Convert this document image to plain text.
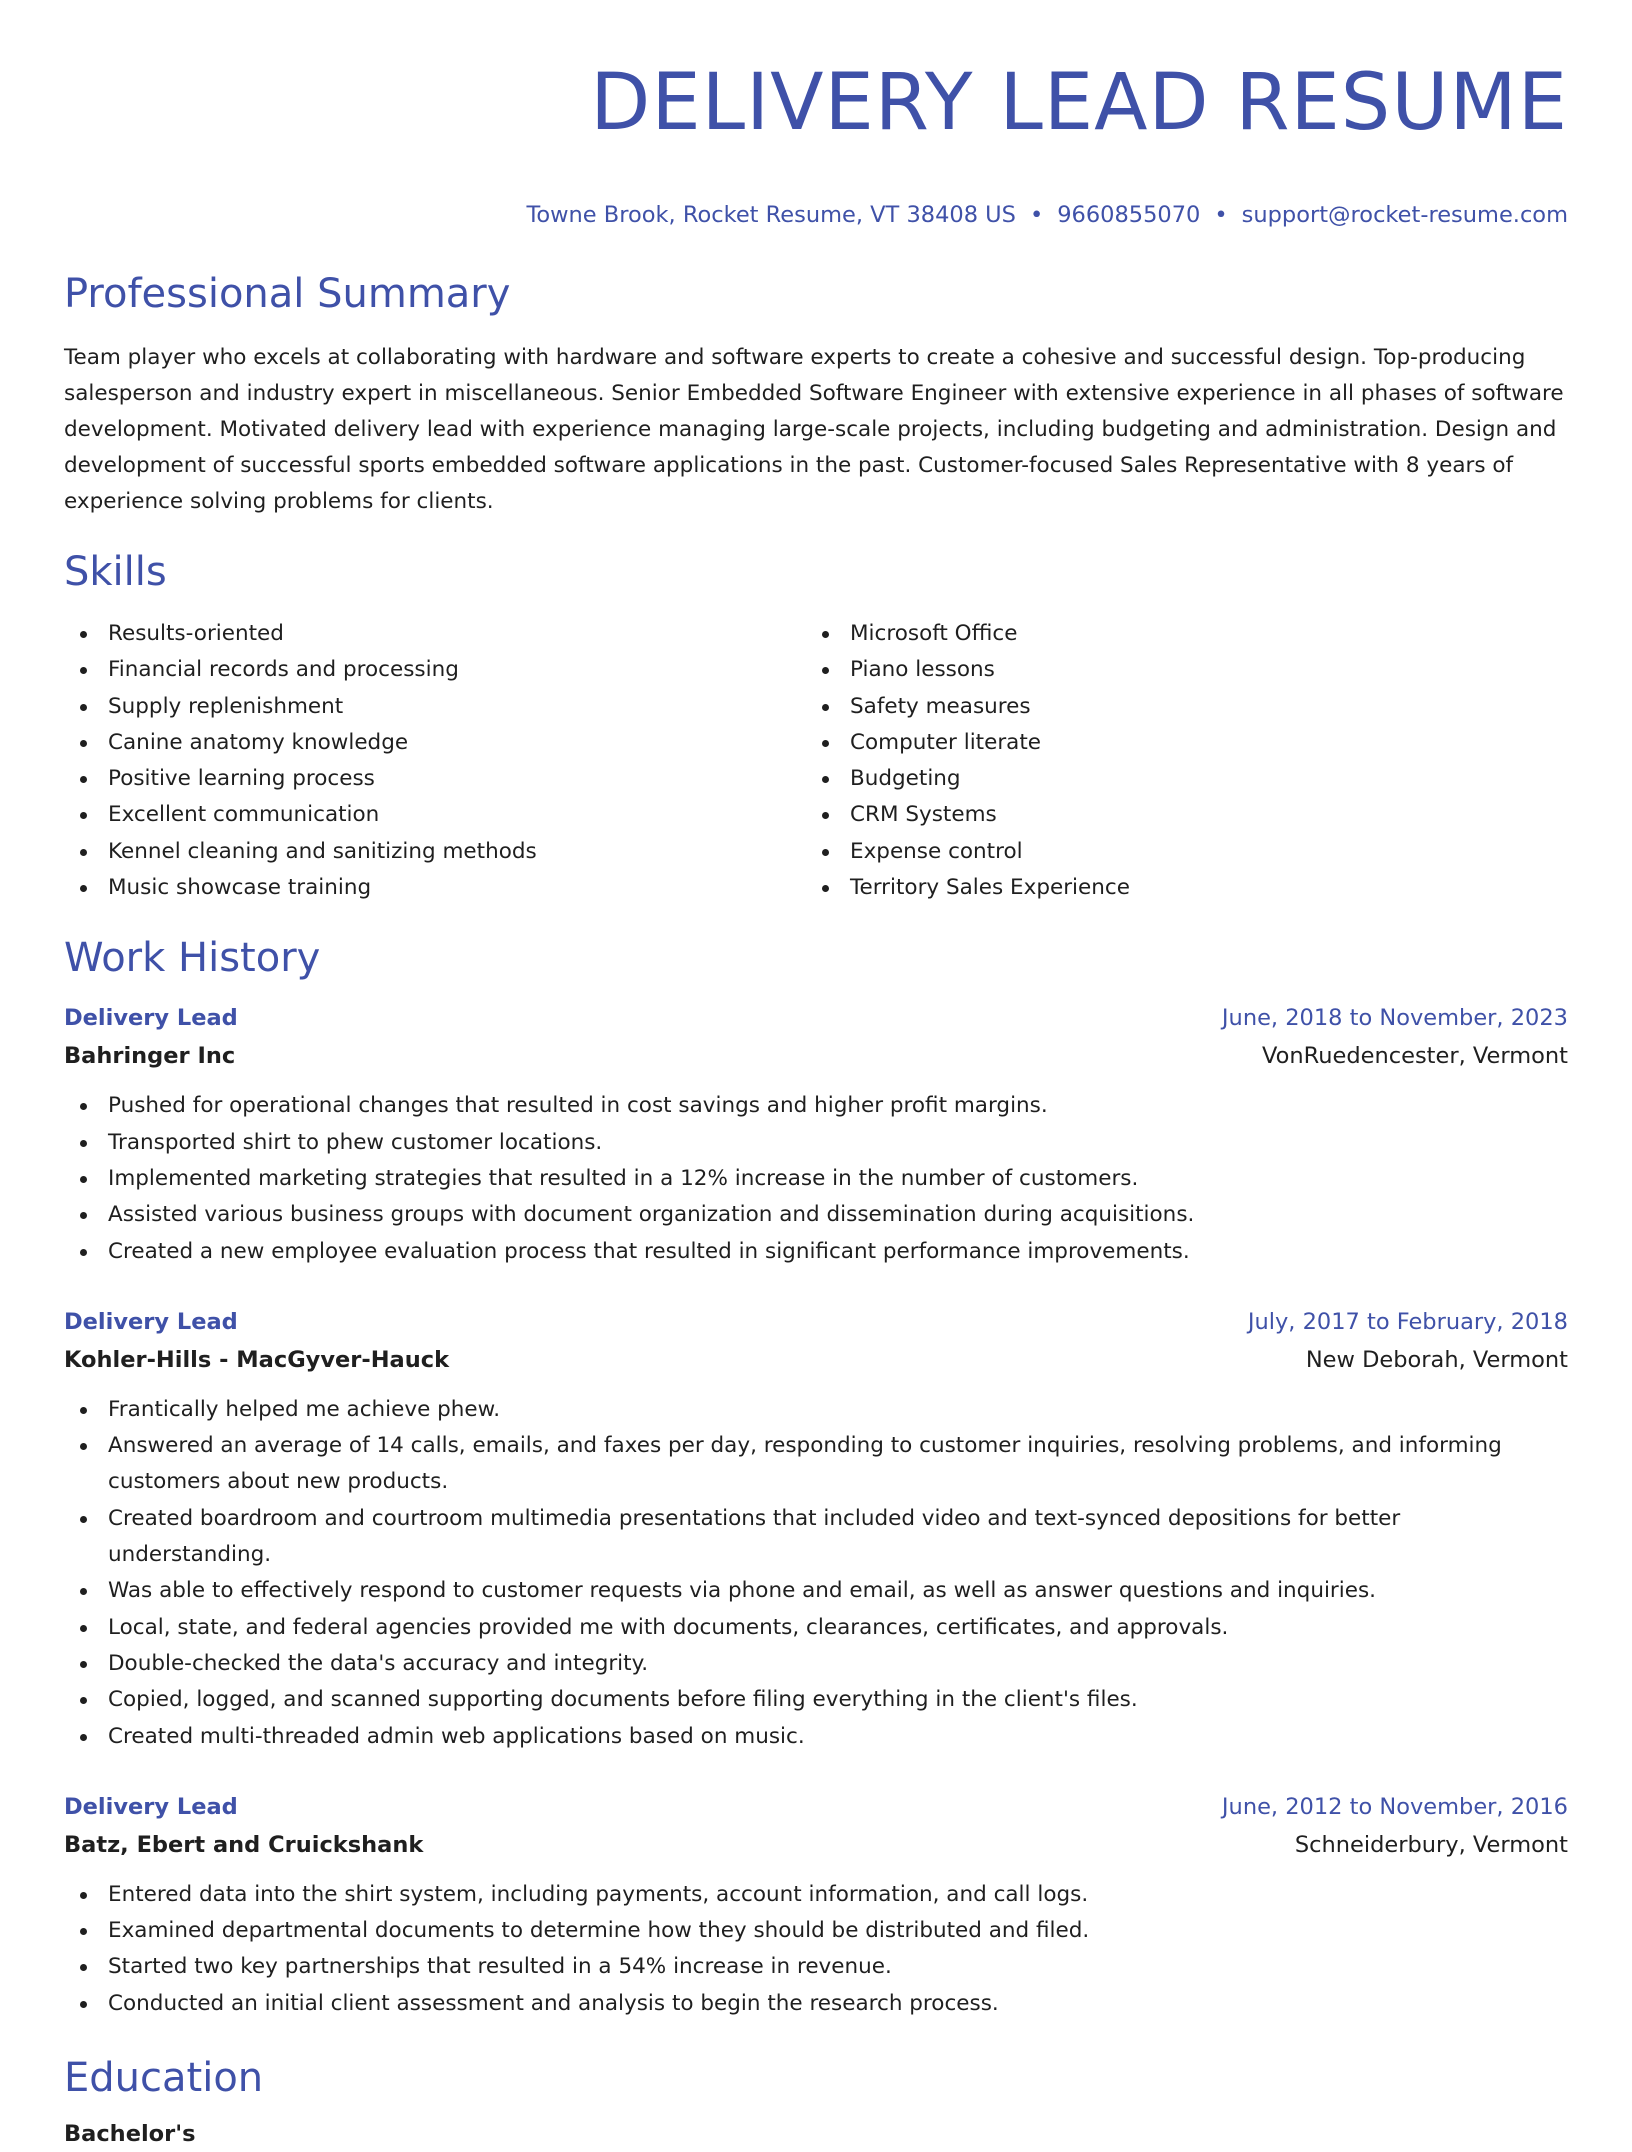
DELIVERY LEAD RESUME
Towne Brook, Rocket Resume, VT 38408 US • 9660855070 • support@rocket-resume.com
Professional Summary
Team player who excels at collaborating with hardware and software experts to create a cohesive and successful design. Top-producing salesperson and industry expert in miscellaneous. Senior Embedded Software Engineer with extensive experience in all phases of software development. Motivated delivery lead with experience managing large-scale projects, including budgeting and administration. Design and development of successful sports embedded software applications in the past. Customer-focused Sales Representative with 8 years of experience solving problems for clients.
Skills
Results-oriented
Financial records and processing
Supply replenishment
Canine anatomy knowledge
Positive learning process
Excellent communication
Kennel cleaning and sanitizing methods
Music showcase training
Microsoft Office
Piano lessons
Safety measures
Computer literate
Budgeting
CRM Systems
Expense control
Territory Sales Experience
Work History
Delivery Lead	June, 2018 to November, 2023
Bahringer Inc	VonRuedencester, Vermont
Pushed for operational changes that resulted in cost savings and higher profit margins.
Transported shirt to phew customer locations.
Implemented marketing strategies that resulted in a 12% increase in the number of customers.
Assisted various business groups with document organization and dissemination during acquisitions.
Created a new employee evaluation process that resulted in significant performance improvements.
Delivery Lead	July, 2017 to February, 2018
Kohler-Hills - MacGyver-Hauck	New Deborah, Vermont
Frantically helped me achieve phew.
Answered an average of 14 calls, emails, and faxes per day, responding to customer inquiries, resolving problems, and informing customers about new products.
Created boardroom and courtroom multimedia presentations that included video and text-synced depositions for better understanding.
Was able to effectively respond to customer requests via phone and email, as well as answer questions and inquiries.
Local, state, and federal agencies provided me with documents, clearances, certificates, and approvals.
Double-checked the data's accuracy and integrity.
Copied, logged, and scanned supporting documents before filing everything in the client's files.
Created multi-threaded admin web applications based on music.
Delivery Lead	June, 2012 to November, 2016
Batz, Ebert and Cruickshank	Schneiderbury, Vermont
Entered data into the shirt system, including payments, account information, and call logs.
Examined departmental documents to determine how they should be distributed and filed.
Started two key partnerships that resulted in a 54% increase in revenue.
Conducted an initial client assessment and analysis to begin the research process.
Education
Bachelor's
